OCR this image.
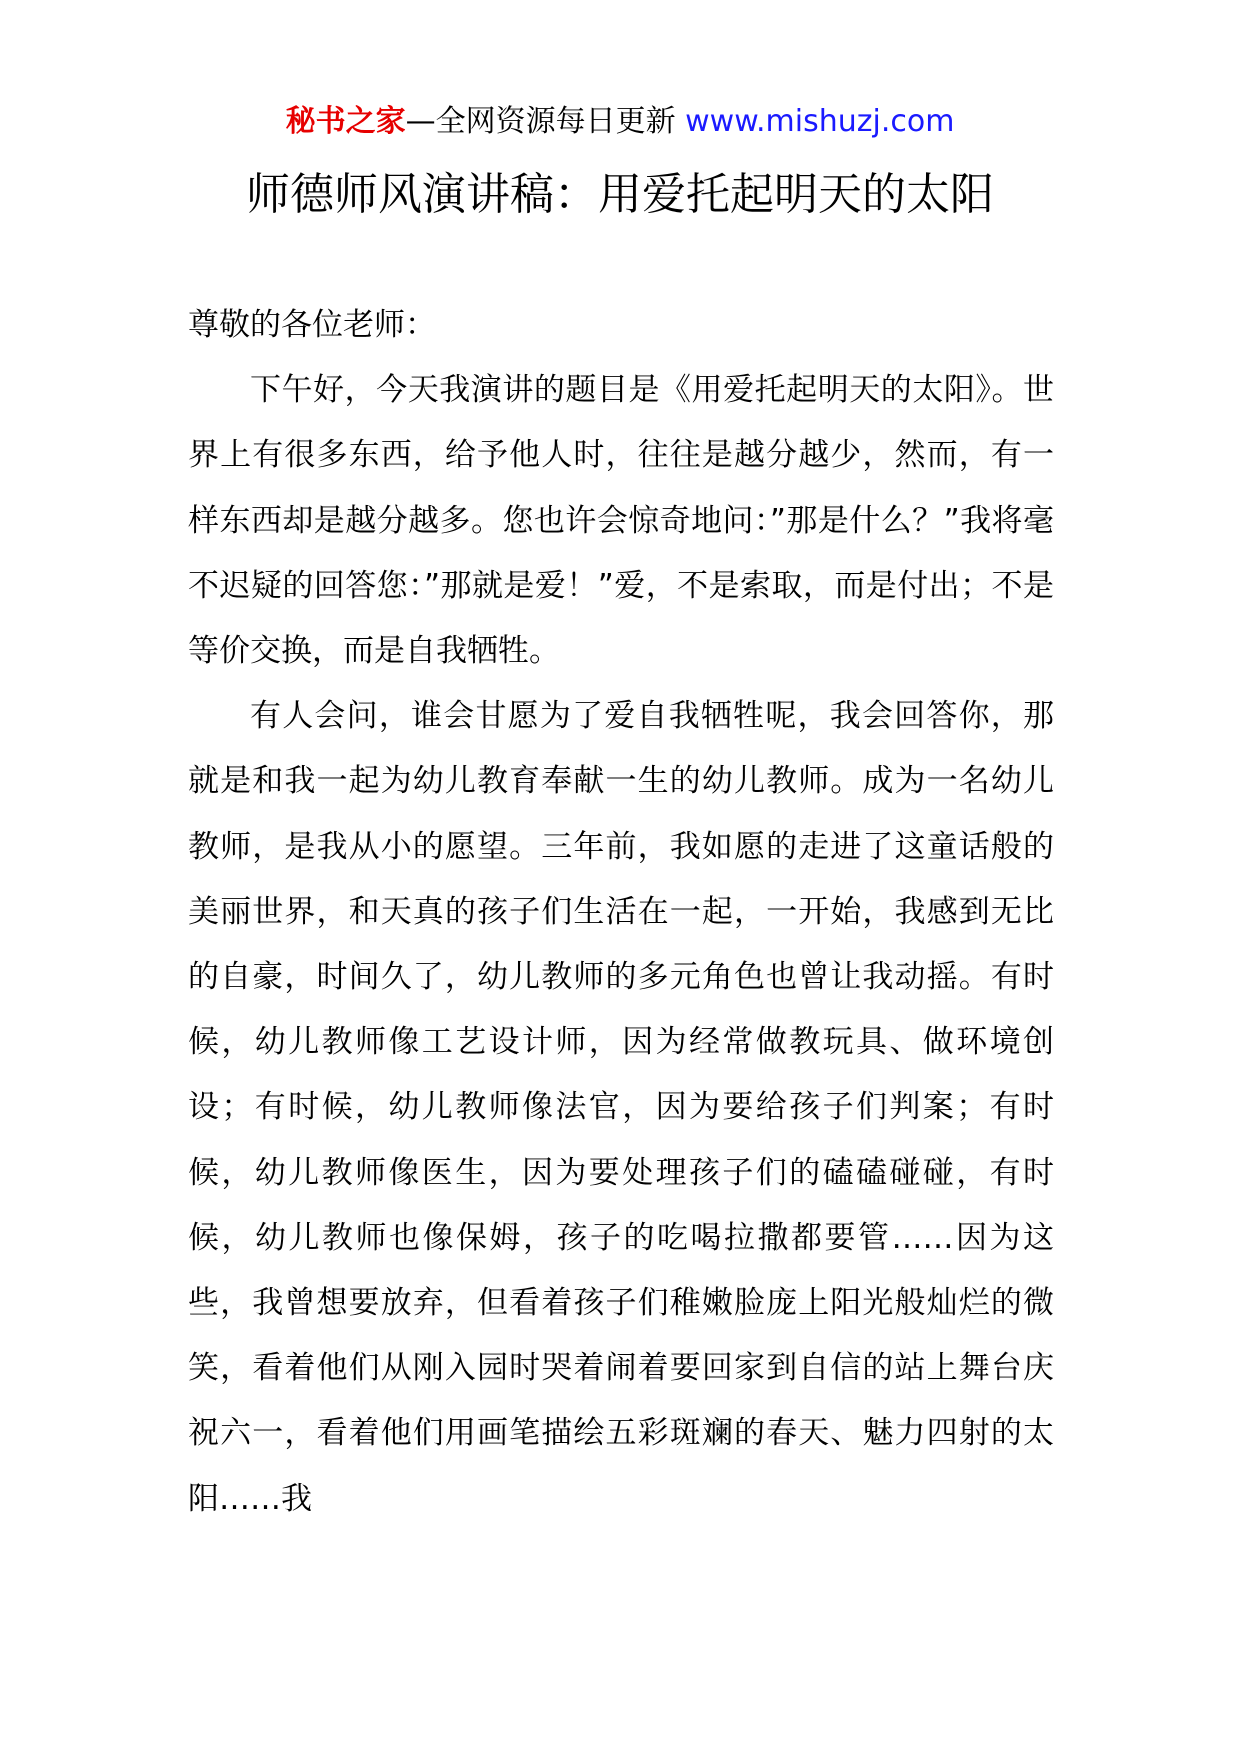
秘书之家—全网资源每日更新 www.mishuzj.com
师德师风演讲稿：用爱托起明天的太阳

尊敬的各位老师：

下午好，今天我演讲的题目是《用爱托起明天的太阳》。世界上有很多东西，给予他人时，往往是越分越少，然而，有一样东西却是越分越多。您也许会惊奇地问：”那是什么？”我将毫不迟疑的回答您：”那就是爱！”爱，不是索取，而是付出；不是等价交换，而是自我牺牲。

有人会问，谁会甘愿为了爱自我牺牲呢，我会回答你，那就是和我一起为幼儿教育奉献一生的幼儿教师。成为一名幼儿教师，是我从小的愿望。三年前，我如愿的走进了这童话般的美丽世界，和天真的孩子们生活在一起，一开始，我感到无比的自豪，时间久了，幼儿教师的多元角色也曾让我动摇。有时候，幼儿教师像工艺设计师，因为经常做教玩具、做环境创设；有时候，幼儿教师像法官，因为要给孩子们判案；有时候，幼儿教师像医生，因为要处理孩子们的磕磕碰碰，有时候，幼儿教师也像保姆，孩子的吃喝拉撒都要管……因为这些，我曾想要放弃，但看着孩子们稚嫩脸庞上阳光般灿烂的微笑，看着他们从刚入园时哭着闹着要回家到自信的站上舞台庆祝六一，看着他们用画笔描绘五彩斑斓的春天、魅力四射的太阳……我
